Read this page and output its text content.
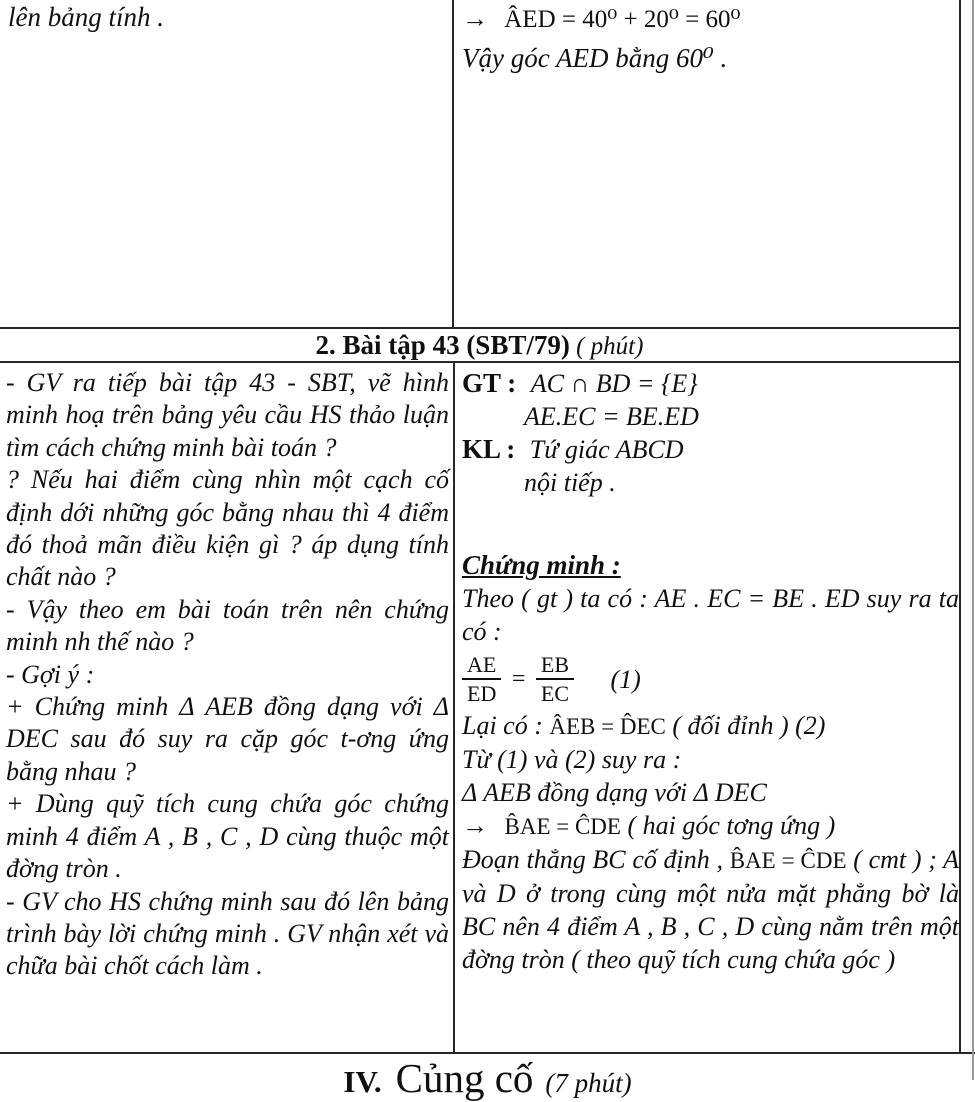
lên bảng tính .	→ ÂED = 40⁰ + 20⁰ = 60⁰

Vậy góc AED bằng 60⁰ .

2. Bài tập 43 (SBT/79) ( phút)

- GV ra tiếp bài tập 43 - SBT, vẽ hình minh hoạ trên bảng yêu cầu HS thảo luận tìm cách chứng minh bài toán ?

? Nếu hai điểm cùng nhìn một cạch cố định dới những góc bằng nhau thì 4 điểm đó thoả mãn điều kiện gì ? áp dụng tính chất nào ?

- Vậy theo em bài toán trên nên chứng minh nh thế nào ?

- Gợi ý :

+ Chứng minh Δ AEB đồng dạng với Δ DEC sau đó suy ra cặp góc t-ơng ứng bằng nhau ?

+ Dùng quỹ tích cung chứa góc chứng minh 4 điểm A , B , C , D cùng thuộc một đờng tròn .

- GV cho HS chứng minh sau đó lên bảng trình bày lời chứng minh . GV nhận xét và chữa bài chốt cách làm .

GT : AC ∩ BD = {E}
AE.EC = BE.ED
KL : Tứ giác ABCD
nội tiếp .
Chứng minh :

Theo ( gt ) ta có : AE . EC = BE . ED suy ra ta có :

$\frac{AE}{ED} = \frac{EB}{EC} (1)$

Lại có : ÂEB = D̂EC ( đối đỉnh ) (2)

Từ (1) và (2) suy ra :

Δ AEB đồng dạng với Δ DEC

→ B̂AE = ĈDE ( hai góc tơng ứng )

Đoạn thẳng BC cố định , B̂AE = ĈDE ( cmt ) ; A và D ở trong cùng một nửa mặt phẳng bờ là BC nên 4 điểm A , B , C , D cùng nằm trên một đờng tròn ( theo quỹ tích cung chứa góc )

IV. Củng cố (7 phút)
